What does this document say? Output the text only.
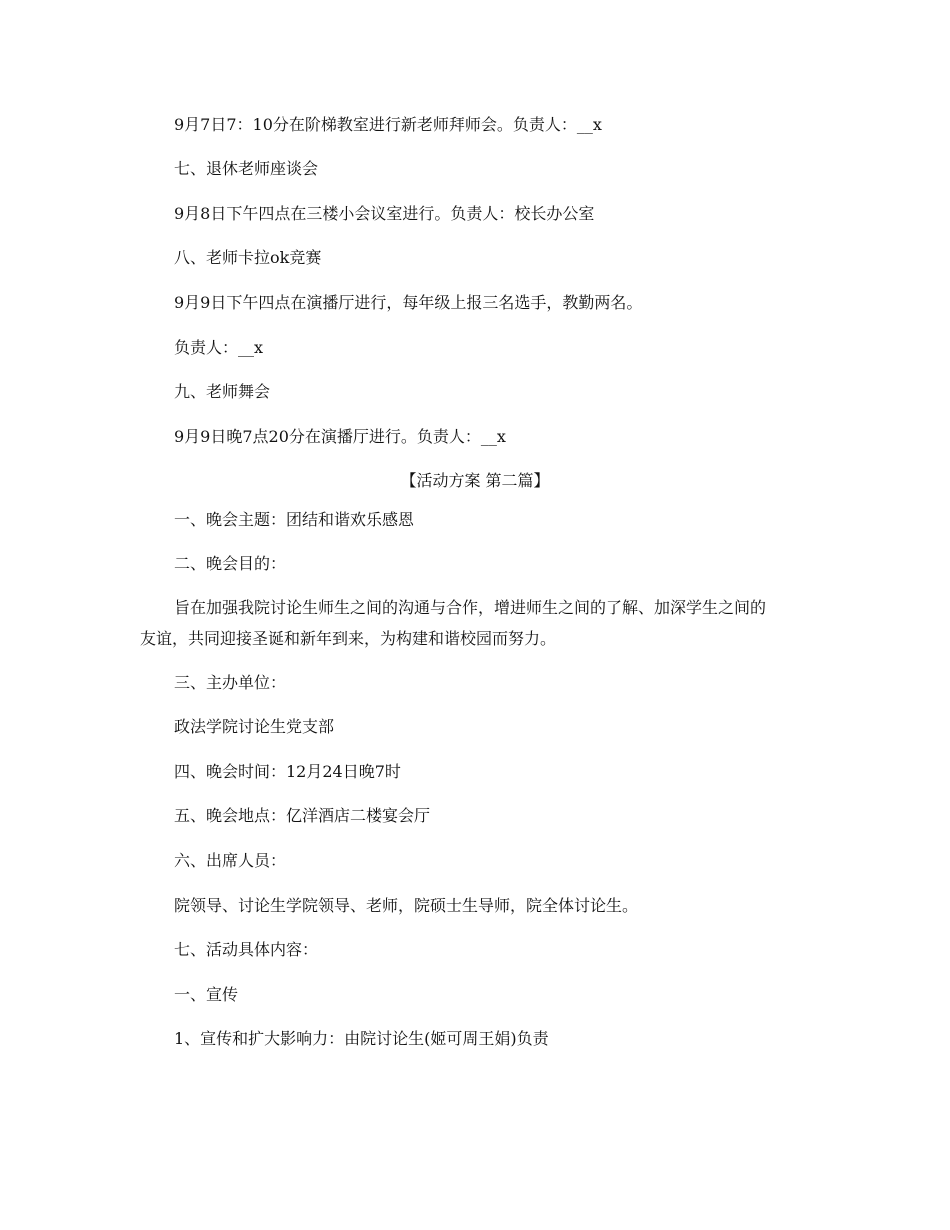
9月7日7：10分在阶梯教室进行新老师拜师会。负责人：__x
七、退休老师座谈会
9月8日下午四点在三楼小会议室进行。负责人：校长办公室
八、老师卡拉ok竞赛
9月9日下午四点在演播厅进行，每年级上报三名选手，教勤两名。
负责人：__x
九、老师舞会
9月9日晚7点20分在演播厅进行。负责人：__x
【活动方案 第二篇】
一、晚会主题：团结和谐欢乐感恩
二、晚会目的：
旨在加强我院讨论生师生之间的沟通与合作，增进师生之间的了解、加深学生之间的
友谊，共同迎接圣诞和新年到来，为构建和谐校园而努力。
三、主办单位：
政法学院讨论生党支部
四、晚会时间：12月24日晚7时
五、晚会地点：亿洋酒店二楼宴会厅
六、出席人员：
院领导、讨论生学院领导、老师，院硕士生导师，院全体讨论生。
七、活动具体内容：
一、宣传
1、宣传和扩大影响力：由院讨论生(姬可周王娟)负责
